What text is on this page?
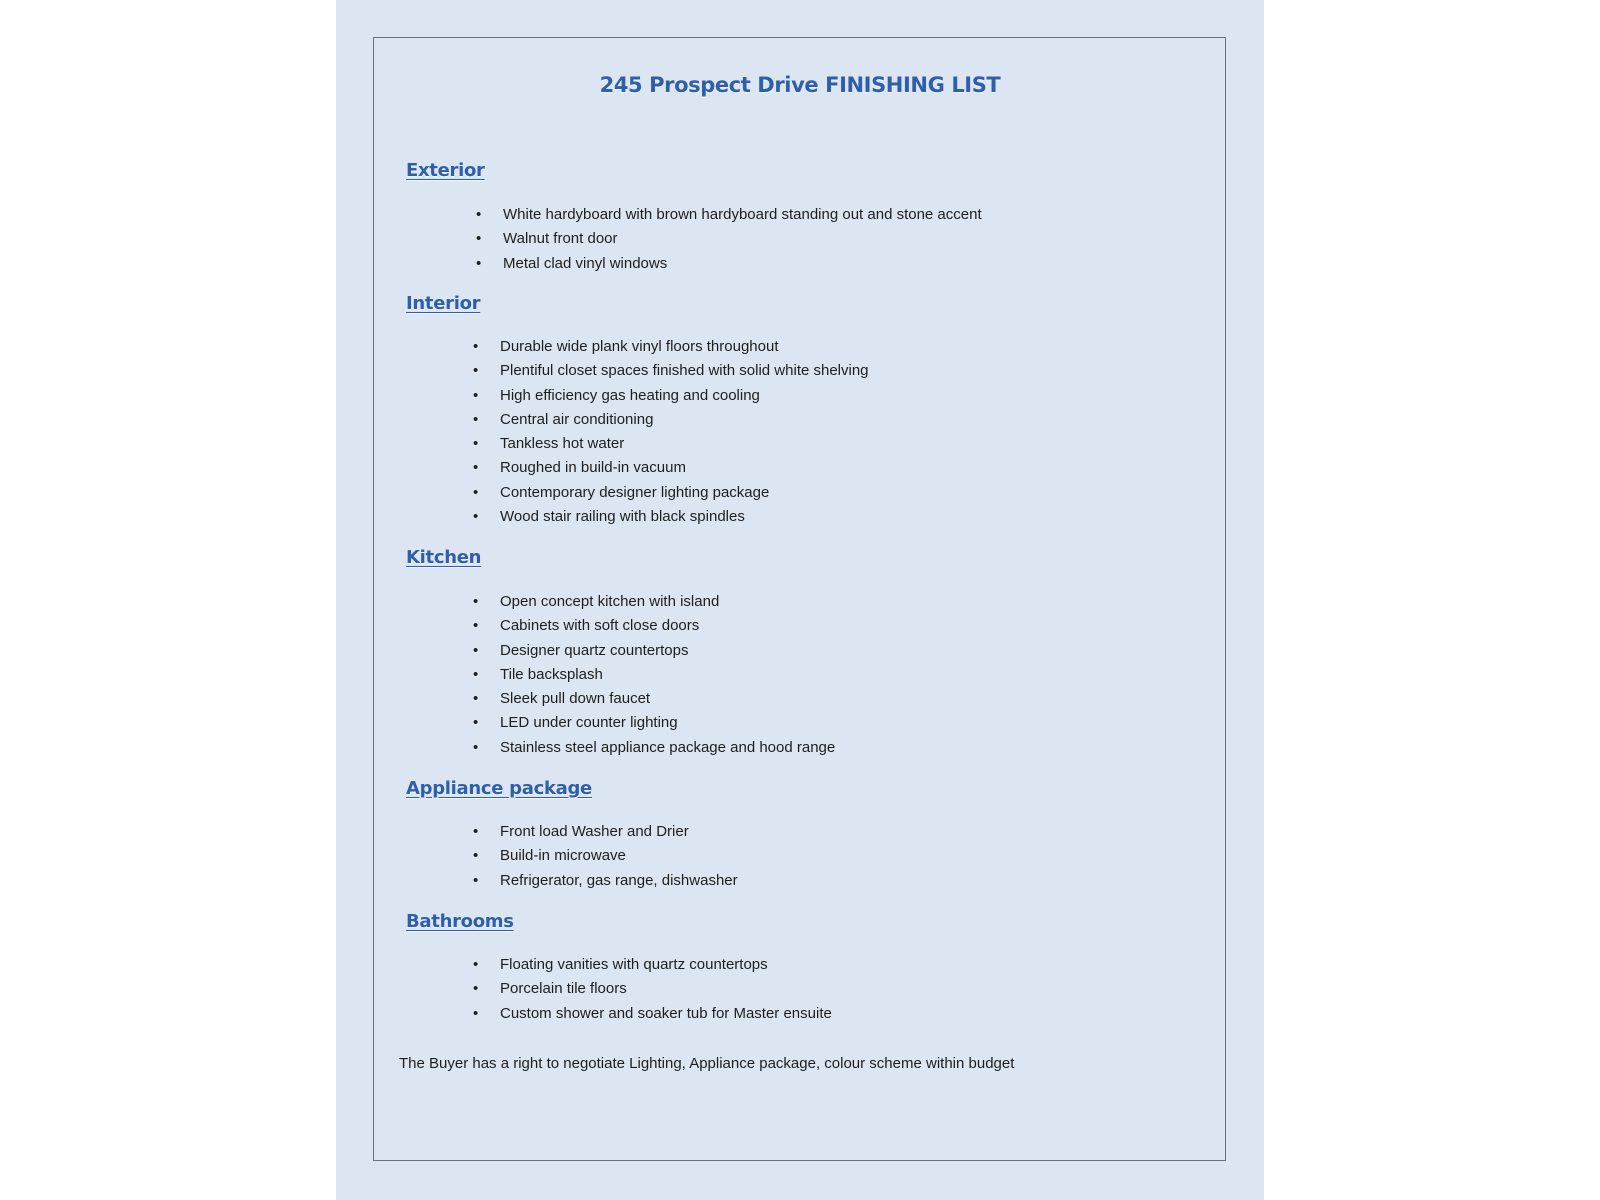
245 Prospect Drive FINISHING LIST
Exterior
• White hardyboard with brown hardyboard standing out and stone accent
• Walnut front door
• Metal clad vinyl windows
Interior
• Durable wide plank vinyl floors throughout
• Plentiful closet spaces finished with solid white shelving
• High efficiency gas heating and cooling
• Central air conditioning
• Tankless hot water
• Roughed in build-in vacuum
• Contemporary designer lighting package
• Wood stair railing with black spindles
Kitchen
• Open concept kitchen with island
• Cabinets with soft close doors
• Designer quartz countertops
• Tile backsplash
• Sleek pull down faucet
• LED under counter lighting
• Stainless steel appliance package and hood range
Appliance package
• Front load Washer and Drier
• Build-in microwave
• Refrigerator, gas range, dishwasher
Bathrooms
• Floating vanities with quartz countertops
• Porcelain tile floors
• Custom shower and soaker tub for Master ensuite
The Buyer has a right to negotiate Lighting, Appliance package, colour scheme within budget
